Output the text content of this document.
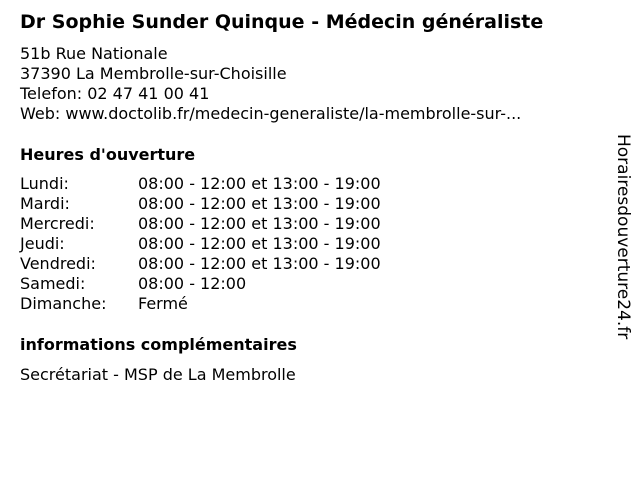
Dr Sophie Sunder Quinque - Médecin généraliste
51b Rue Nationale
37390 La Membrolle-sur-Choisille
Telefon: 02 47 41 00 41
Web: www.doctolib.fr/medecin-generaliste/la-membrolle-sur-...
Heures d'ouverture
Lundi:	08:00 - 12:00 et 13:00 - 19:00
Mardi:	08:00 - 12:00 et 13:00 - 19:00
Mercredi:	08:00 - 12:00 et 13:00 - 19:00
Jeudi:	08:00 - 12:00 et 13:00 - 19:00
Vendredi:	08:00 - 12:00 et 13:00 - 19:00
Samedi:	08:00 - 12:00
Dimanche:	Fermé
informations complémentaires
Secrétariat - MSP de La Membrolle
Horairesdouverture24.fr
